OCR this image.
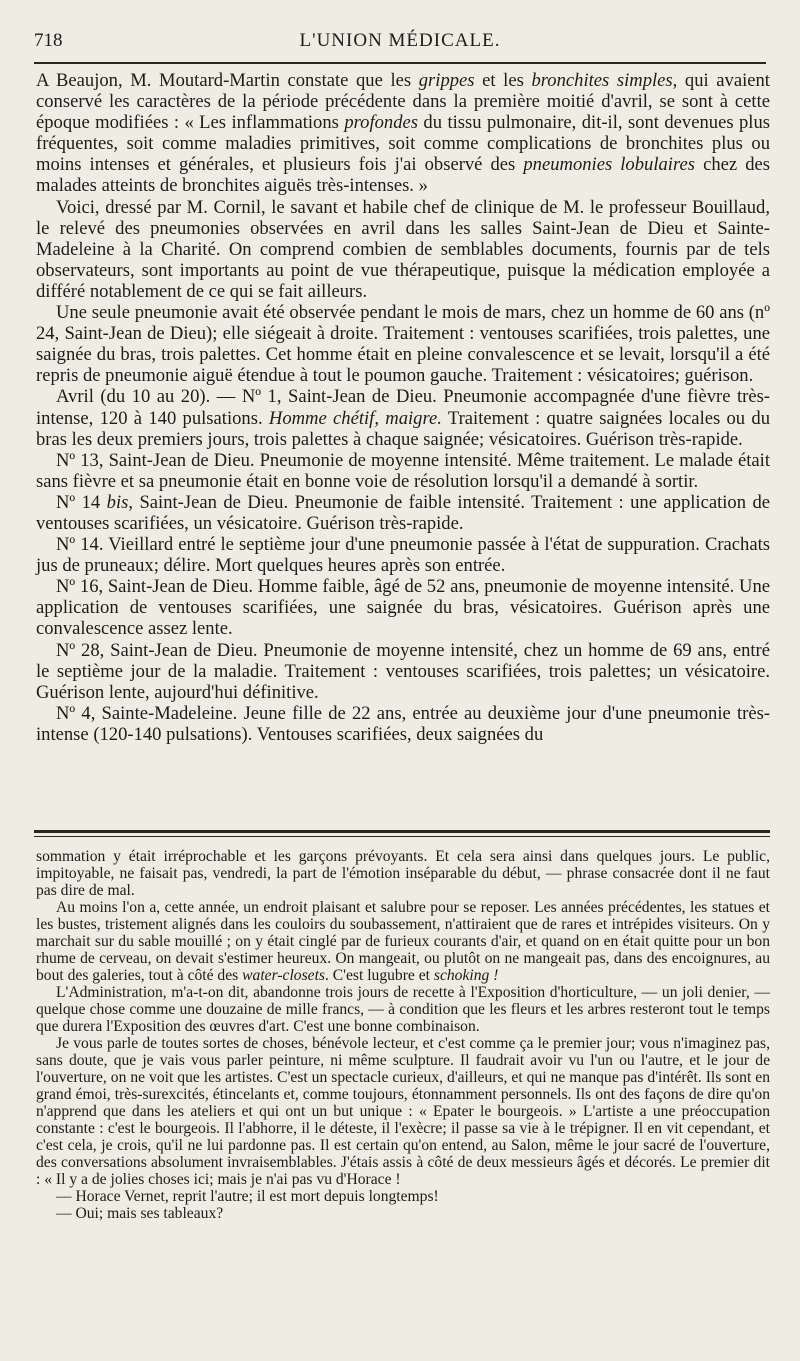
718	L'UNION MÉDICALE.

A Beaujon, M. Moutard-Martin constate que les grippes et les bronchites simples, qui avaient conservé les caractères de la période précédente dans la première moitié d'avril, se sont à cette époque modifiées : « Les inflammations profondes du tissu pulmonaire, dit-il, sont devenues plus fréquentes, soit comme maladies primitives, soit comme complications de bronchites plus ou moins intenses et générales, et plusieurs fois j'ai observé des pneumonies lobulaires chez des malades atteints de bronchites aiguës très-intenses. »

Voici, dressé par M. Cornil, le savant et habile chef de clinique de M. le professeur Bouillaud, le relevé des pneumonies observées en avril dans les salles Saint-Jean de Dieu et Sainte-Madeleine à la Charité. On comprend combien de semblables documents, fournis par de tels observateurs, sont importants au point de vue thérapeutique, puisque la médication employée a différé notablement de ce qui se fait ailleurs.

Une seule pneumonie avait été observée pendant le mois de mars, chez un homme de 60 ans (nº 24, Saint-Jean de Dieu); elle siégeait à droite. Traitement : ventouses scarifiées, trois palettes, une saignée du bras, trois palettes. Cet homme était en pleine convalescence et se levait, lorsqu'il a été repris de pneumonie aiguë étendue à tout le poumon gauche. Traitement : vésicatoires; guérison.

Avril (du 10 au 20). — Nº 1, Saint-Jean de Dieu. Pneumonie accompagnée d'une fièvre très-intense, 120 à 140 pulsations. Homme chétif, maigre. Traitement : quatre saignées locales ou du bras les deux premiers jours, trois palettes à chaque saignée; vésicatoires. Guérison très-rapide.

Nº 13, Saint-Jean de Dieu. Pneumonie de moyenne intensité. Même traitement. Le malade était sans fièvre et sa pneumonie était en bonne voie de résolution lorsqu'il a demandé à sortir.

Nº 14 bis, Saint-Jean de Dieu. Pneumonie de faible intensité. Traitement : une application de ventouses scarifiées, un vésicatoire. Guérison très-rapide.

Nº 14. Vieillard entré le septième jour d'une pneumonie passée à l'état de suppuration. Crachats jus de pruneaux; délire. Mort quelques heures après son entrée.

Nº 16, Saint-Jean de Dieu. Homme faible, âgé de 52 ans, pneumonie de moyenne intensité. Une application de ventouses scarifiées, une saignée du bras, vésicatoires. Guérison après une convalescence assez lente.

Nº 28, Saint-Jean de Dieu. Pneumonie de moyenne intensité, chez un homme de 69 ans, entré le septième jour de la maladie. Traitement : ventouses scarifiées, trois palettes; un vésicatoire. Guérison lente, aujourd'hui définitive.

Nº 4, Sainte-Madeleine. Jeune fille de 22 ans, entrée au deuxième jour d'une pneumonie très-intense (120-140 pulsations). Ventouses scarifiées, deux saignées du

sommation y était irréprochable et les garçons prévoyants. Et cela sera ainsi dans quelques jours. Le public, impitoyable, ne faisait pas, vendredi, la part de l'émotion inséparable du début, — phrase consacrée dont il ne faut pas dire de mal.

Au moins l'on a, cette année, un endroit plaisant et salubre pour se reposer. Les années précédentes, les statues et les bustes, tristement alignés dans les couloirs du soubassement, n'attiraient que de rares et intrépides visiteurs. On y marchait sur du sable mouillé ; on y était cinglé par de furieux courants d'air, et quand on en était quitte pour un bon rhume de cerveau, on devait s'estimer heureux. On mangeait, ou plutôt on ne mangeait pas, dans des encoignures, au bout des galeries, tout à côté des water-closets. C'est lugubre et schoking !

L'Administration, m'a-t-on dit, abandonne trois jours de recette à l'Exposition d'horticulture, — un joli denier, — quelque chose comme une douzaine de mille francs, — à condition que les fleurs et les arbres resteront tout le temps que durera l'Exposition des œuvres d'art. C'est une bonne combinaison.

Je vous parle de toutes sortes de choses, bénévole lecteur, et c'est comme ça le premier jour; vous n'imaginez pas, sans doute, que je vais vous parler peinture, ni même sculpture. Il faudrait avoir vu l'un ou l'autre, et le jour de l'ouverture, on ne voit que les artistes. C'est un spectacle curieux, d'ailleurs, et qui ne manque pas d'intérêt. Ils sont en grand émoi, très-surexcités, étincelants et, comme toujours, étonnamment personnels. Ils ont des façons de dire qu'on n'apprend que dans les ateliers et qui ont un but unique : « Epater le bourgeois. » L'artiste a une préoccupation constante : c'est le bourgeois. Il l'abhorre, il le déteste, il l'exècre; il passe sa vie à le trépigner. Il en vit cependant, et c'est cela, je crois, qu'il ne lui pardonne pas. Il est certain qu'on entend, au Salon, même le jour sacré de l'ouverture, des conversations absolument invraisemblables. J'étais assis à côté de deux messieurs âgés et décorés. Le premier dit : « Il y a de jolies choses ici; mais je n'ai pas vu d'Horace !

— Horace Vernet, reprit l'autre; il est mort depuis longtemps!

— Oui; mais ses tableaux?
